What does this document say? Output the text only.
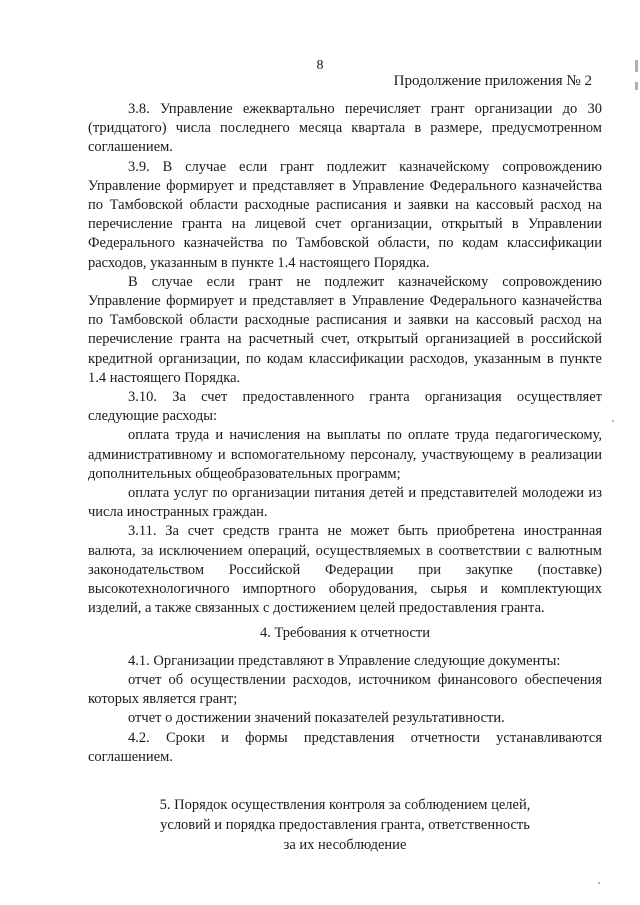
8
Продолжение приложения № 2

3.8. Управление ежеквартально перечисляет грант организации до 30 (тридцатого) числа последнего месяца квартала в размере, предусмотренном соглашением.

3.9. В случае если грант подлежит казначейскому сопровождению Управление формирует и представляет в Управление Федерального казначейства по Тамбовской области расходные расписания и заявки на кассовый расход на перечисление гранта на лицевой счет организации, открытый в Управлении Федерального казначейства по Тамбовской области, по кодам классификации расходов, указанным в пункте 1.4 настоящего Порядка.

В случае если грант не подлежит казначейскому сопровождению Управление формирует и представляет в Управление Федерального казначейства по Тамбовской области расходные расписания и заявки на кассовый расход на перечисление гранта на расчетный счет, открытый организацией в российской кредитной организации, по кодам классификации расходов, указанным в пункте 1.4 настоящего Порядка.

3.10. За счет предоставленного гранта организация осуществляет следующие расходы:

оплата труда и начисления на выплаты по оплате труда педагогическому, административному и вспомогательному персоналу, участвующему в реализации дополнительных общеобразовательных программ;

оплата услуг по организации питания детей и представителей молодежи из числа иностранных граждан.

3.11. За счет средств гранта не может быть приобретена иностранная валюта, за исключением операций, осуществляемых в соответствии с валютным законодательством Российской Федерации при закупке (поставке) высокотехнологичного импортного оборудования, сырья и комплектующих изделий, а также связанных с достижением целей предоставления гранта.

4. Требования к отчетности

4.1. Организации представляют в Управление следующие документы:

отчет об осуществлении расходов, источником финансового обеспечения которых является грант;

отчет о достижении значений показателей результативности.

4.2. Сроки и формы представления отчетности устанавливаются соглашением.

5. Порядок осуществления контроля за соблюдением целей,
условий и порядка предоставления гранта, ответственность
за их несоблюдение
